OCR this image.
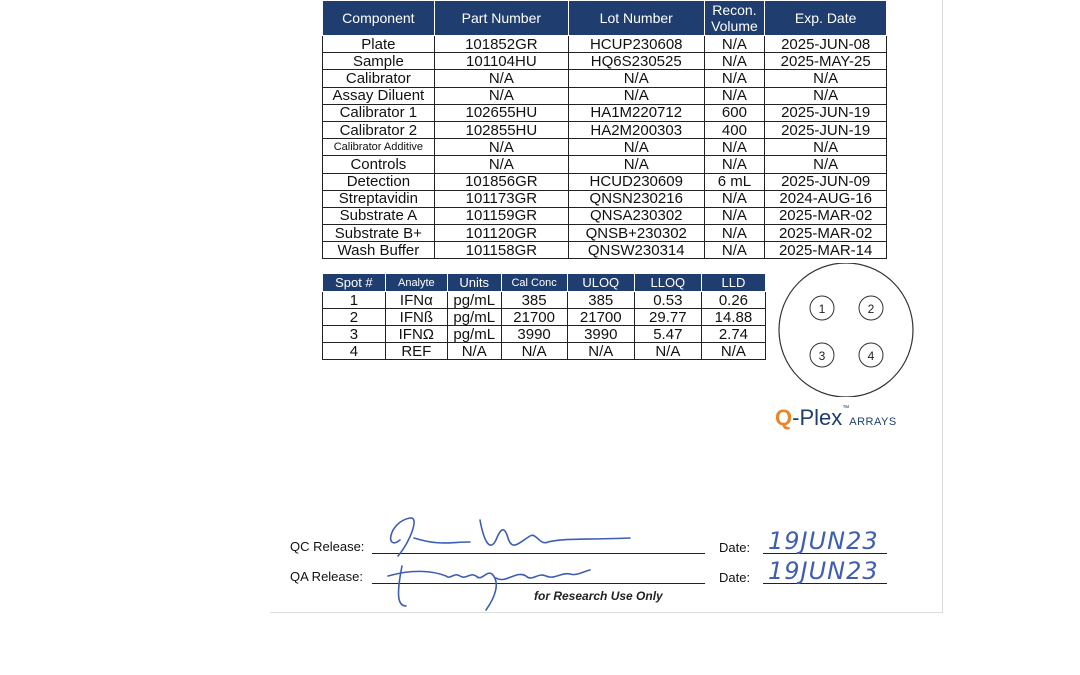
Component	Part Number	Lot Number	Recon. Volume	Exp. Date
Plate	101852GR	HCUP230608	N/A	2025-JUN-08
Sample	101104HU	HQ6S230525	N/A	2025-MAY-25
Calibrator	N/A	N/A	N/A	N/A
Assay Diluent	N/A	N/A	N/A	N/A
Calibrator 1	102655HU	HA1M220712	600	2025-JUN-19
Calibrator 2	102855HU	HA2M200303	400	2025-JUN-19
Calibrator Additive	N/A	N/A	N/A	N/A
Controls	N/A	N/A	N/A	N/A
Detection	101856GR	HCUD230609	6 mL	2025-JUN-09
Streptavidin	101173GR	QNSN230216	N/A	2024-AUG-16
Substrate A	101159GR	QNSA230302	N/A	2025-MAR-02
Substrate B+	101120GR	QNSB+230302	N/A	2025-MAR-02
Wash Buffer	101158GR	QNSW230314	N/A	2025-MAR-14
Spot #	Analyte	Units	Cal Conc	ULOQ	LLOQ	LLD
1	IFNα	pg/mL	385	385	0.53	0.26
2	IFNß	pg/mL	21700	21700	29.77	14.88
3	IFNΩ	pg/mL	3990	3990	5.47	2.74
4	REF	N/A	N/A	N/A	N/A	N/A
1	2
3	4
Q-Plex™ARRAYS
QC Release:	Date: 19JUN23
QA Release:	Date: 19JUN23
for Research Use Only
